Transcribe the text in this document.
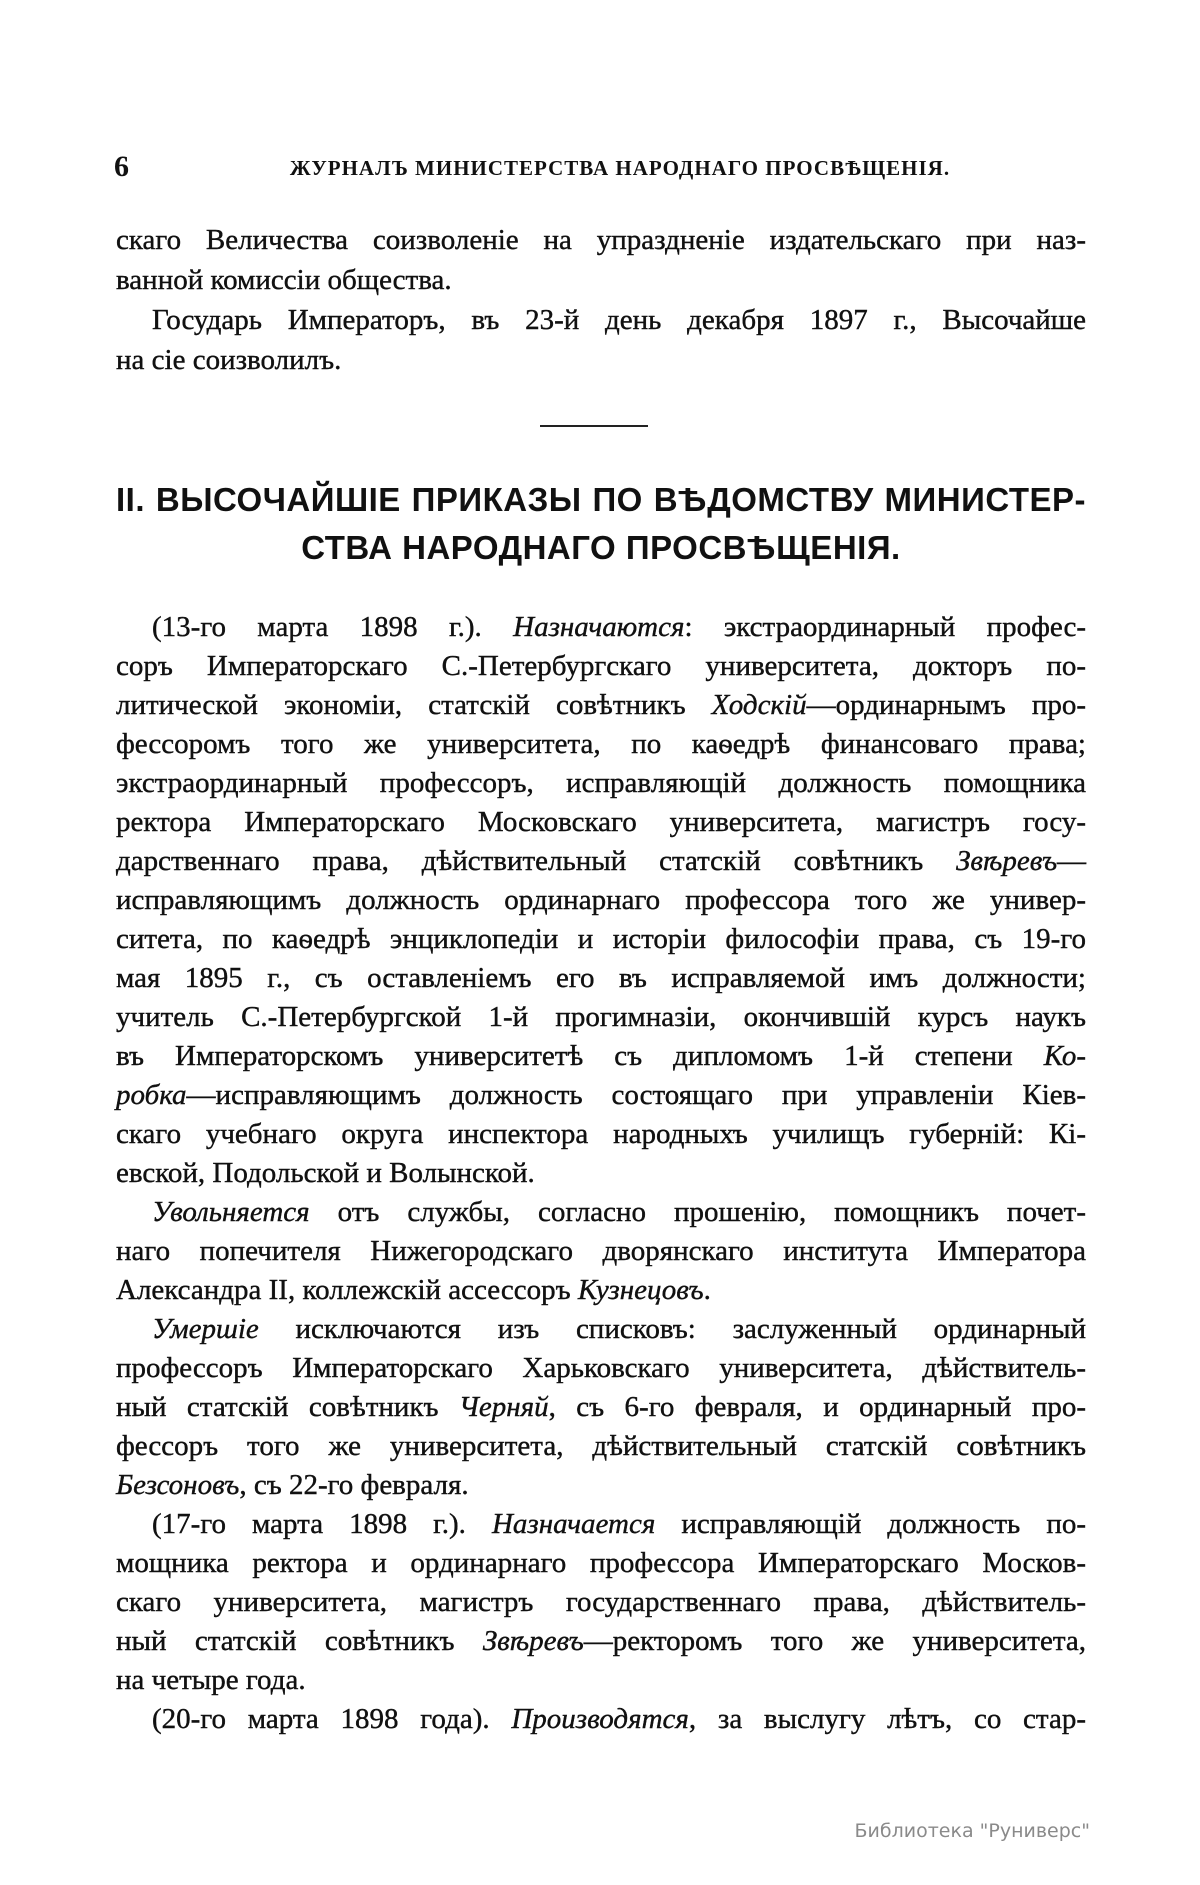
6	ЖУРНАЛЪ МИНИСТЕРСТВА НАРОДНАГО ПРОСВѢЩЕНІЯ.
скаго Величества соизволеніе на упраздненіе издательскаго при наз-
ванной комиссіи общества.
Государь Императоръ, въ 23-й день декабря 1897 г., Высочайше
на сіе соизволилъ.
II. ВЫСОЧАЙШІЕ ПРИКАЗЫ ПО ВѢДОМСТВУ МИНИСТЕР-
СТВА НАРОДНАГО ПРОСВѢЩЕНІЯ.
(13-го марта 1898 г.). Назначаются: экстраординарный профес-
соръ Императорскаго С.-Петербургскаго университета, докторъ по-
литической экономіи, статскій совѣтникъ Ходскій—ординарнымъ про-
фессоромъ того же университета, по каѳедрѣ финансоваго права;
экстраординарный профессоръ, исправляющій должность помощника
ректора Императорскаго Московскаго университета, магистръ госу-
дарственнаго права, дѣйствительный статскій совѣтникъ Звѣревъ—
исправляющимъ должность ординарнаго профессора того же универ-
ситета, по каѳедрѣ энциклопедіи и исторіи философіи права, съ 19-го
мая 1895 г., съ оставленіемъ его въ исправляемой имъ должности;
учитель С.-Петербургской 1-й прогимназіи, окончившій курсъ наукъ
въ Императорскомъ университетѣ съ дипломомъ 1-й степени Ко-
робка—исправляющимъ должность состоящаго при управленіи Кіев-
скаго учебнаго округа инспектора народныхъ училищъ губерній: Кі-
евской, Подольской и Волынской.
Увольняется отъ службы, согласно прошенію, помощникъ почет-
наго попечителя Нижегородскаго дворянскаго института Императора
Александра II, коллежскій ассессоръ Кузнецовъ.
Умершіе исключаются изъ списковъ: заслуженный ординарный
профессоръ Императорскаго Харьковскаго университета, дѣйствитель-
ный статскій совѣтникъ Черняй, съ 6-го февраля, и ординарный про-
фессоръ того же университета, дѣйствительный статскій совѣтникъ
Безсоновъ, съ 22-го февраля.
(17-го марта 1898 г.). Назначается исправляющій должность по-
мощника ректора и ординарнаго профессора Императорскаго Москов-
скаго университета, магистръ государственнаго права, дѣйствитель-
ный статскій совѣтникъ Звѣревъ—ректоромъ того же университета,
на четыре года.
(20-го марта 1898 года). Производятся, за выслугу лѣтъ, со стар-
Библиотека "Руниверс"
